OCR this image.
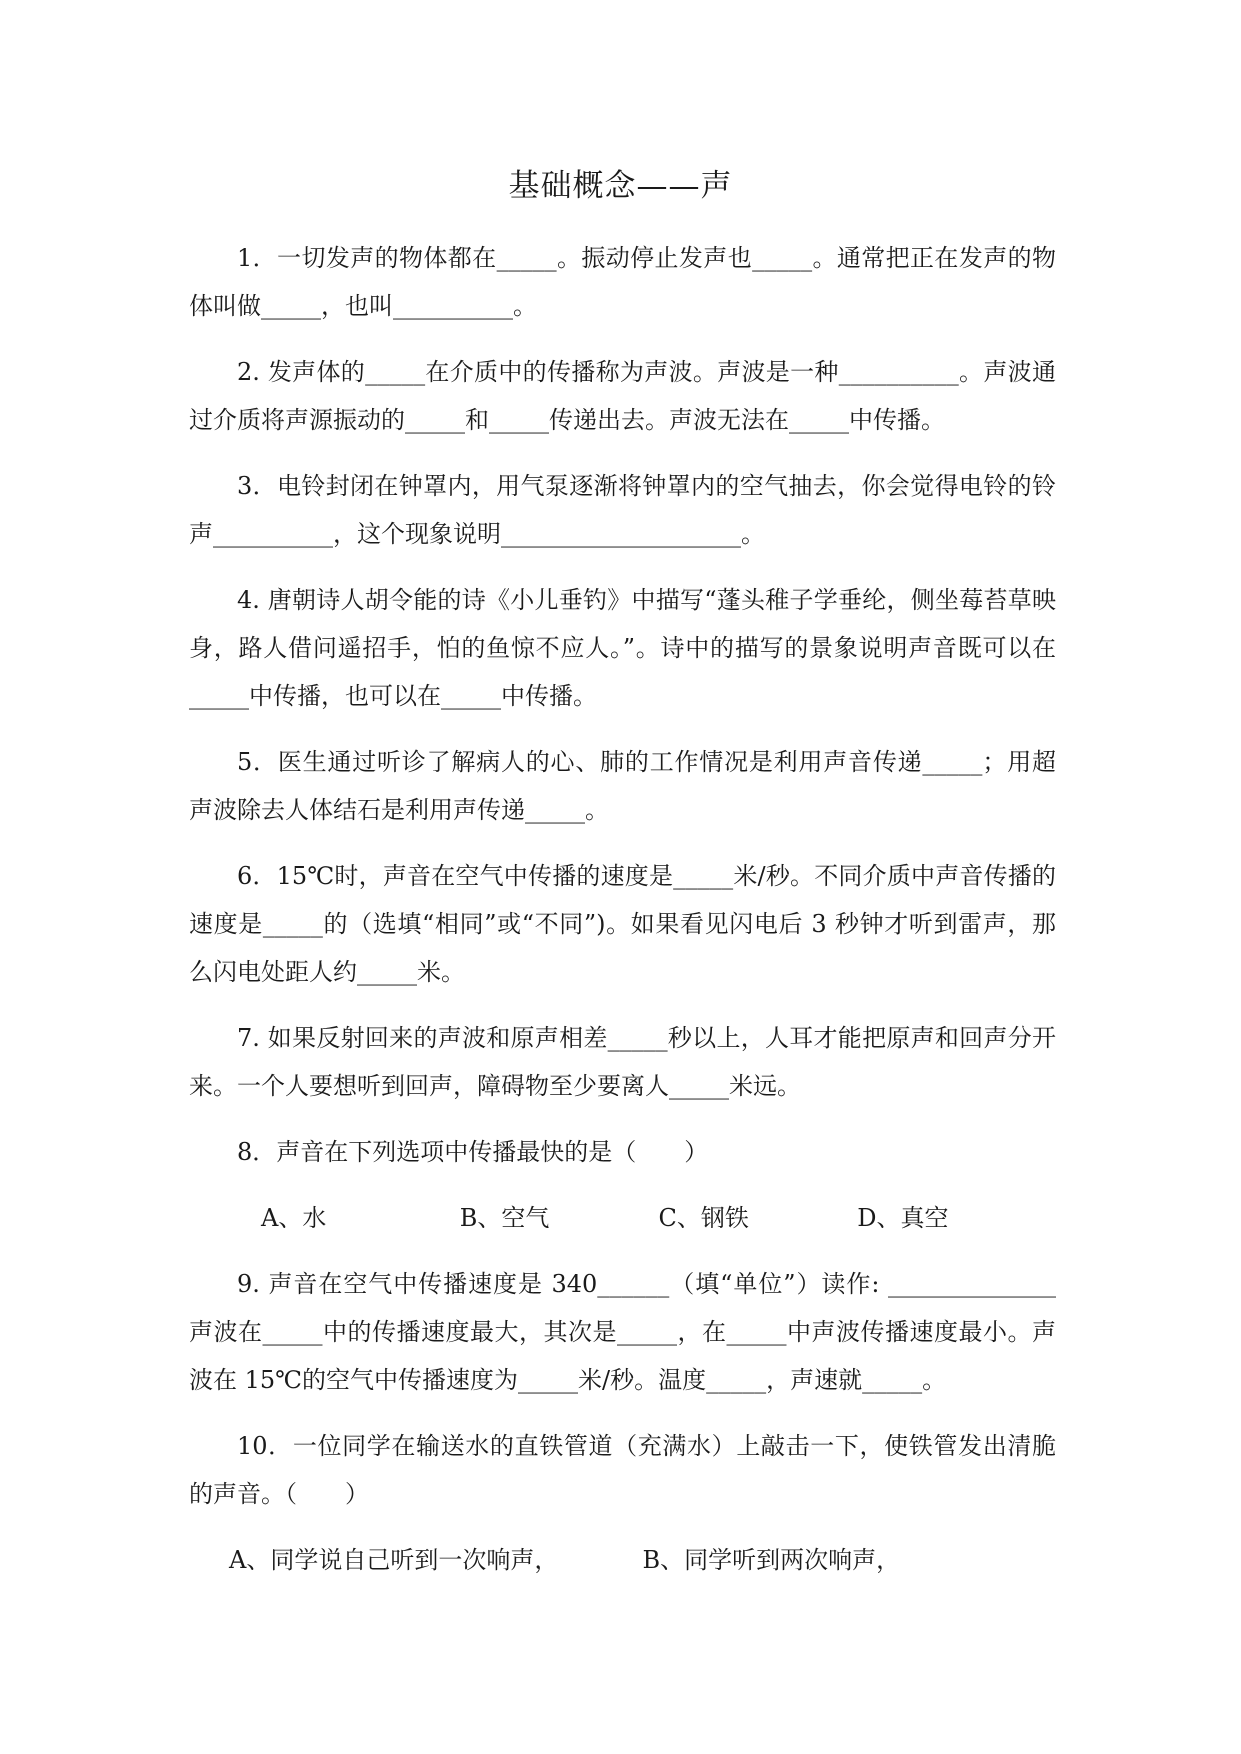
基础概念——声

1．一切发声的物体都在_____。振动停止发声也_____。通常把正在发声的物体叫做_____，也叫__________。

2. 发声体的_____在介质中的传播称为声波。声波是一种__________。声波通过介质将声源振动的_____和_____传递出去。声波无法在_____中传播。

3．电铃封闭在钟罩内，用气泵逐渐将钟罩内的空气抽去，你会觉得电铃的铃声__________，这个现象说明____________________。

4. 唐朝诗人胡令能的诗《小儿垂钓》中描写“蓬头稚子学垂纶，侧坐莓苔草映身，路人借问遥招手，怕的鱼惊不应人。”。诗中的描写的景象说明声音既可以在_____中传播，也可以在_____中传播。

5．医生通过听诊了解病人的心、肺的工作情况是利用声音传递_____；用超声波除去人体结石是利用声传递_____。

6．15℃时，声音在空气中传播的速度是_____米/秒。不同介质中声音传播的速度是_____的（选填“相同”或“不同”)。如果看见闪电后 3 秒钟才听到雷声，那么闪电处距人约_____米。

7. 如果反射回来的声波和原声相差_____秒以上，人耳才能把原声和回声分开来。一个人要想听到回声，障碍物至少要离人_____米远。

8．声音在下列选项中传播最快的是（　　）

A、水	B、空气	C、钢铁	D、真空

9. 声音在空气中传播速度是 340______（填“单位”）读作: ______________声波在_____中的传播速度最大，其次是_____，在_____中声波传播速度最小。声波在 15℃的空气中传播速度为_____米/秒。温度_____，声速就_____。

10．一位同学在输送水的直铁管道（充满水）上敲击一下，使铁管发出清脆的声音。（　　）

A、同学说自己听到一次响声，	B、同学听到两次响声，
